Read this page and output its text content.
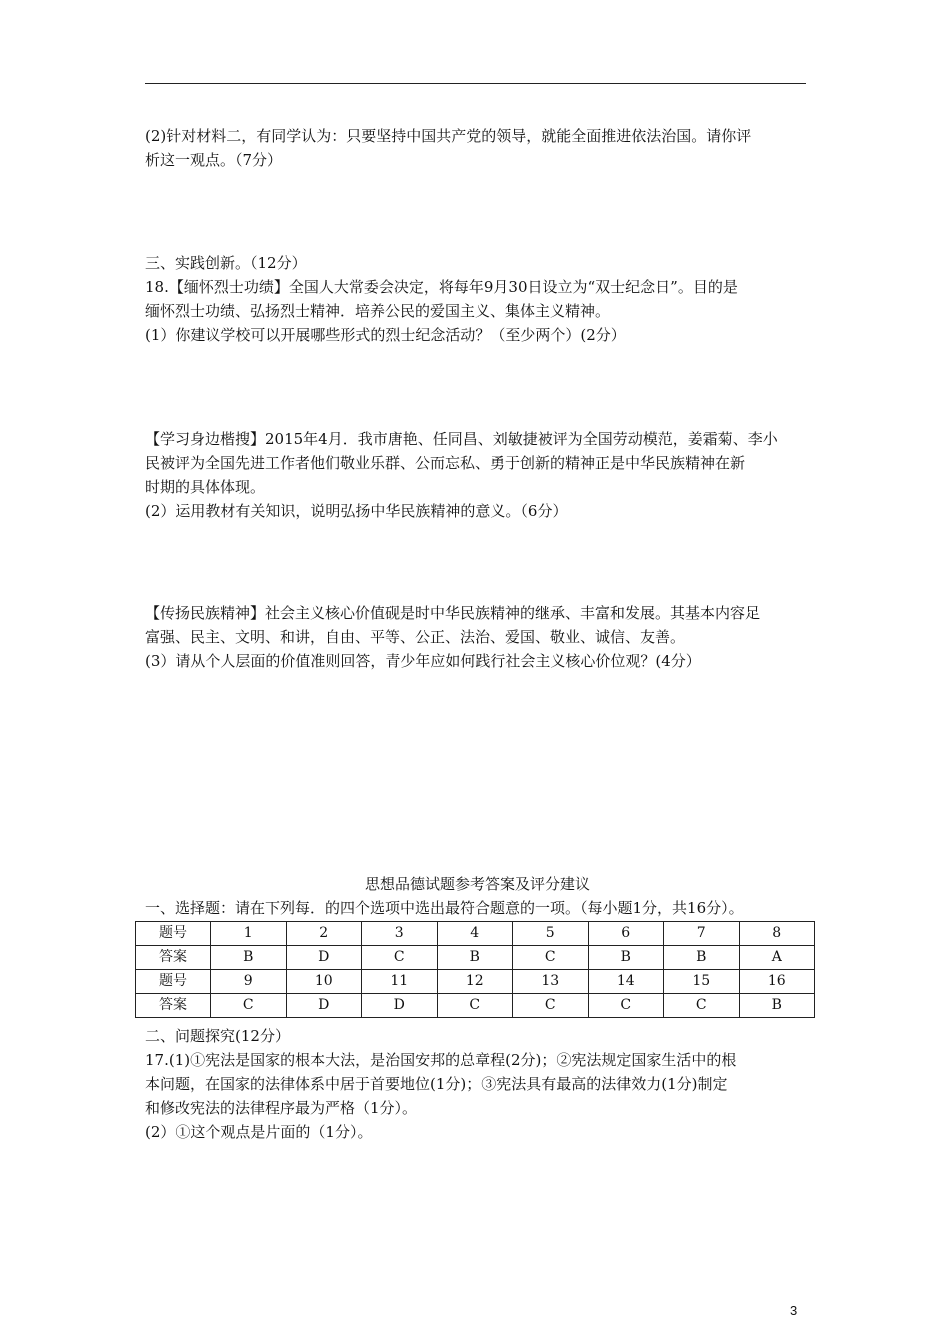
(2)针对材料二，有同学认为：只要坚持中国共产党的领导，就能全面推进依法治国。请你评
析这一观点。（7分）

三、实践创新。（12分）

18.【缅怀烈士功绩】全国人大常委会决定，将每年9月30日设立为“双士纪念日”。目的是
缅怀烈士功绩、弘扬烈士精神．培养公民的爱国主义、集体主义精神。
(1）你建议学校可以开展哪些形式的烈士纪念活动？（至少两个）(2分）

【学习身边楷搜】2015年4月．我市唐艳、任同昌、刘敏捷被评为全国劳动模范，姜霜菊、李小
民被评为全国先进工作者他们敬业乐群、公而忘私、勇于创新的精神正是中华民族精神在新
时期的具体体现。
(2）运用教材有关知识，说明弘扬中华民族精神的意义。（6分）

【传扬民族精神】社会主义核心价值砚是时中华民族精神的继承、丰富和发展。其基本内容足
富强、民主、文明、和讲，自由、平等、公正、法治、爱国、敬业、诚信、友善。
(3）请从个人层面的价值准则回答，青少年应如何践行社会主义核心价位观？(4分）

思想品德试题参考答案及评分建议

一、选择题：请在下列每．的四个选项中选出最符合题意的一项。（每小题1分，共16分）。

题号	1	2	3	4	5	6	7	8
答案	B	D	C	B	C	B	B	A
题号	9	10	11	12	13	14	15	16
答案	C	D	D	C	C	C	C	B

二、问题探究(12分）

17.(1)①宪法是国家的根本大法，是治国安邦的总章程(2分)；②宪法规定国家生活中的根
本问题，在国家的法律体系中居于首要地位(1分)；③宪法具有最高的法律效力(1分)制定
和修改宪法的法律程序最为严格（1分）。
(2）①这个观点是片面的（1分）。

3
